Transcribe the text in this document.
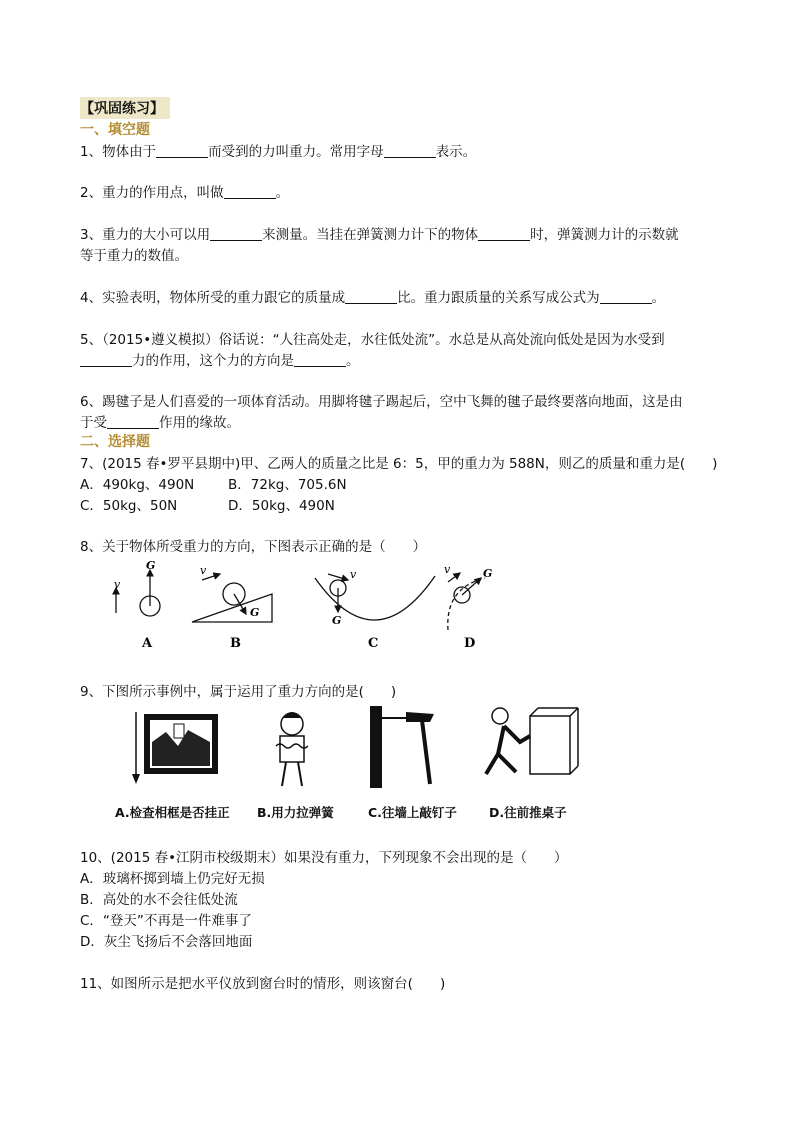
【巩固练习】
一、填空题
1、物体由于	而受到的力叫重力。常用字母	表示。
2、重力的作用点，叫做	。
3、重力的大小可以用	来测量。当挂在弹簧测力计下的物体	时，弹簧测力计的示数就
等于重力的数值。
4、实验表明，物体所受的重力跟它的质量成	比。重力跟质量的关系写成公式为	。
5、（2015•遵义模拟）俗话说：“人往高处走，水往低处流”。水总是从高处流向低处是因为水受到
力的作用，这个力的方向是	。
6、踢毽子是人们喜爱的一项体育活动。用脚将毽子踢起后，空中飞舞的毽子最终要落向地面，这是由
于受	作用的缘故。
二、选择题
7、(2015 春•罗平县期中)甲、乙两人的质量之比是 6：5，甲的重力为 588N，则乙的质量和重力是(　　)
A．490kg、490N B．72kg、705.6N
C．50kg、50N	D．50kg、490N
8、关于物体所受重力的方向，下图表示正确的是（　　）
v
G
G
v
G
v	G
v
A	B	C	D
9、下图所示事例中，属于运用了重力方向的是(　　)
A.检查相框是否挂正 B.用力拉弹簧	C.往墙上敲钉子	D.往前推桌子
10、(2015 春•江阴市校级期末）如果没有重力，下列现象不会出现的是（　　）
A．玻璃杯掷到墙上仍完好无损
B．高处的水不会往低处流
C．“登天”不再是一件难事了
D．灰尘飞扬后不会落回地面
11、如图所示是把水平仪放到窗台时的情形，则该窗台(　　)
